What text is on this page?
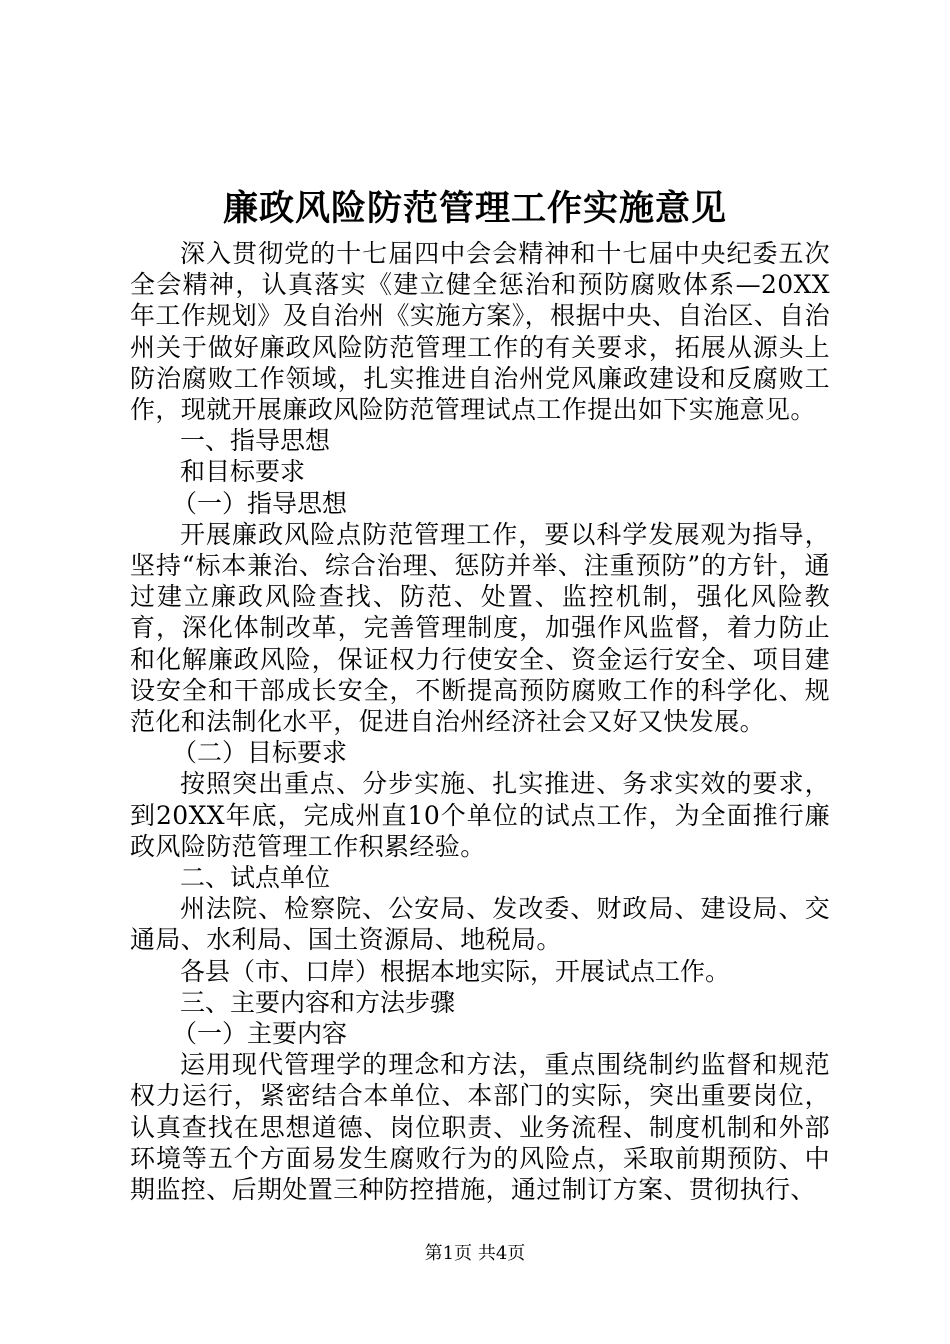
廉政风险防范管理工作实施意见

深入贯彻党的十七届四中会会精神和十七届中央纪委五次全会精神，认真落实《建立健全惩治和预防腐败体系—20XX年工作规划》及自治州《实施方案》，根据中央、自治区、自治州关于做好廉政风险防范管理工作的有关要求，拓展从源头上防治腐败工作领域，扎实推进自治州党风廉政建设和反腐败工作，现就开展廉政风险防范管理试点工作提出如下实施意见。

一、指导思想

和目标要求

（一）指导思想

开展廉政风险点防范管理工作，要以科学发展观为指导，坚持“标本兼治、综合治理、惩防并举、注重预防”的方针，通过建立廉政风险查找、防范、处置、监控机制，强化风险教育，深化体制改革，完善管理制度，加强作风监督，着力防止和化解廉政风险，保证权力行使安全、资金运行安全、项目建设安全和干部成长安全，不断提高预防腐败工作的科学化、规范化和法制化水平，促进自治州经济社会又好又快发展。

（二）目标要求

按照突出重点、分步实施、扎实推进、务求实效的要求，到20XX年底，完成州直10个单位的试点工作，为全面推行廉政风险防范管理工作积累经验。

二、试点单位

州法院、检察院、公安局、发改委、财政局、建设局、交通局、水利局、国土资源局、地税局。

各县（市、口岸）根据本地实际，开展试点工作。

三、主要内容和方法步骤

（一）主要内容

运用现代管理学的理念和方法，重点围绕制约监督和规范权力运行，紧密结合本单位、本部门的实际，突出重要岗位，认真查找在思想道德、岗位职责、业务流程、制度机制和外部环境等五个方面易发生腐败行为的风险点，采取前期预防、中期监控、后期处置三种防控措施，通过制订方案、贯彻执行、

第1页 共4页
